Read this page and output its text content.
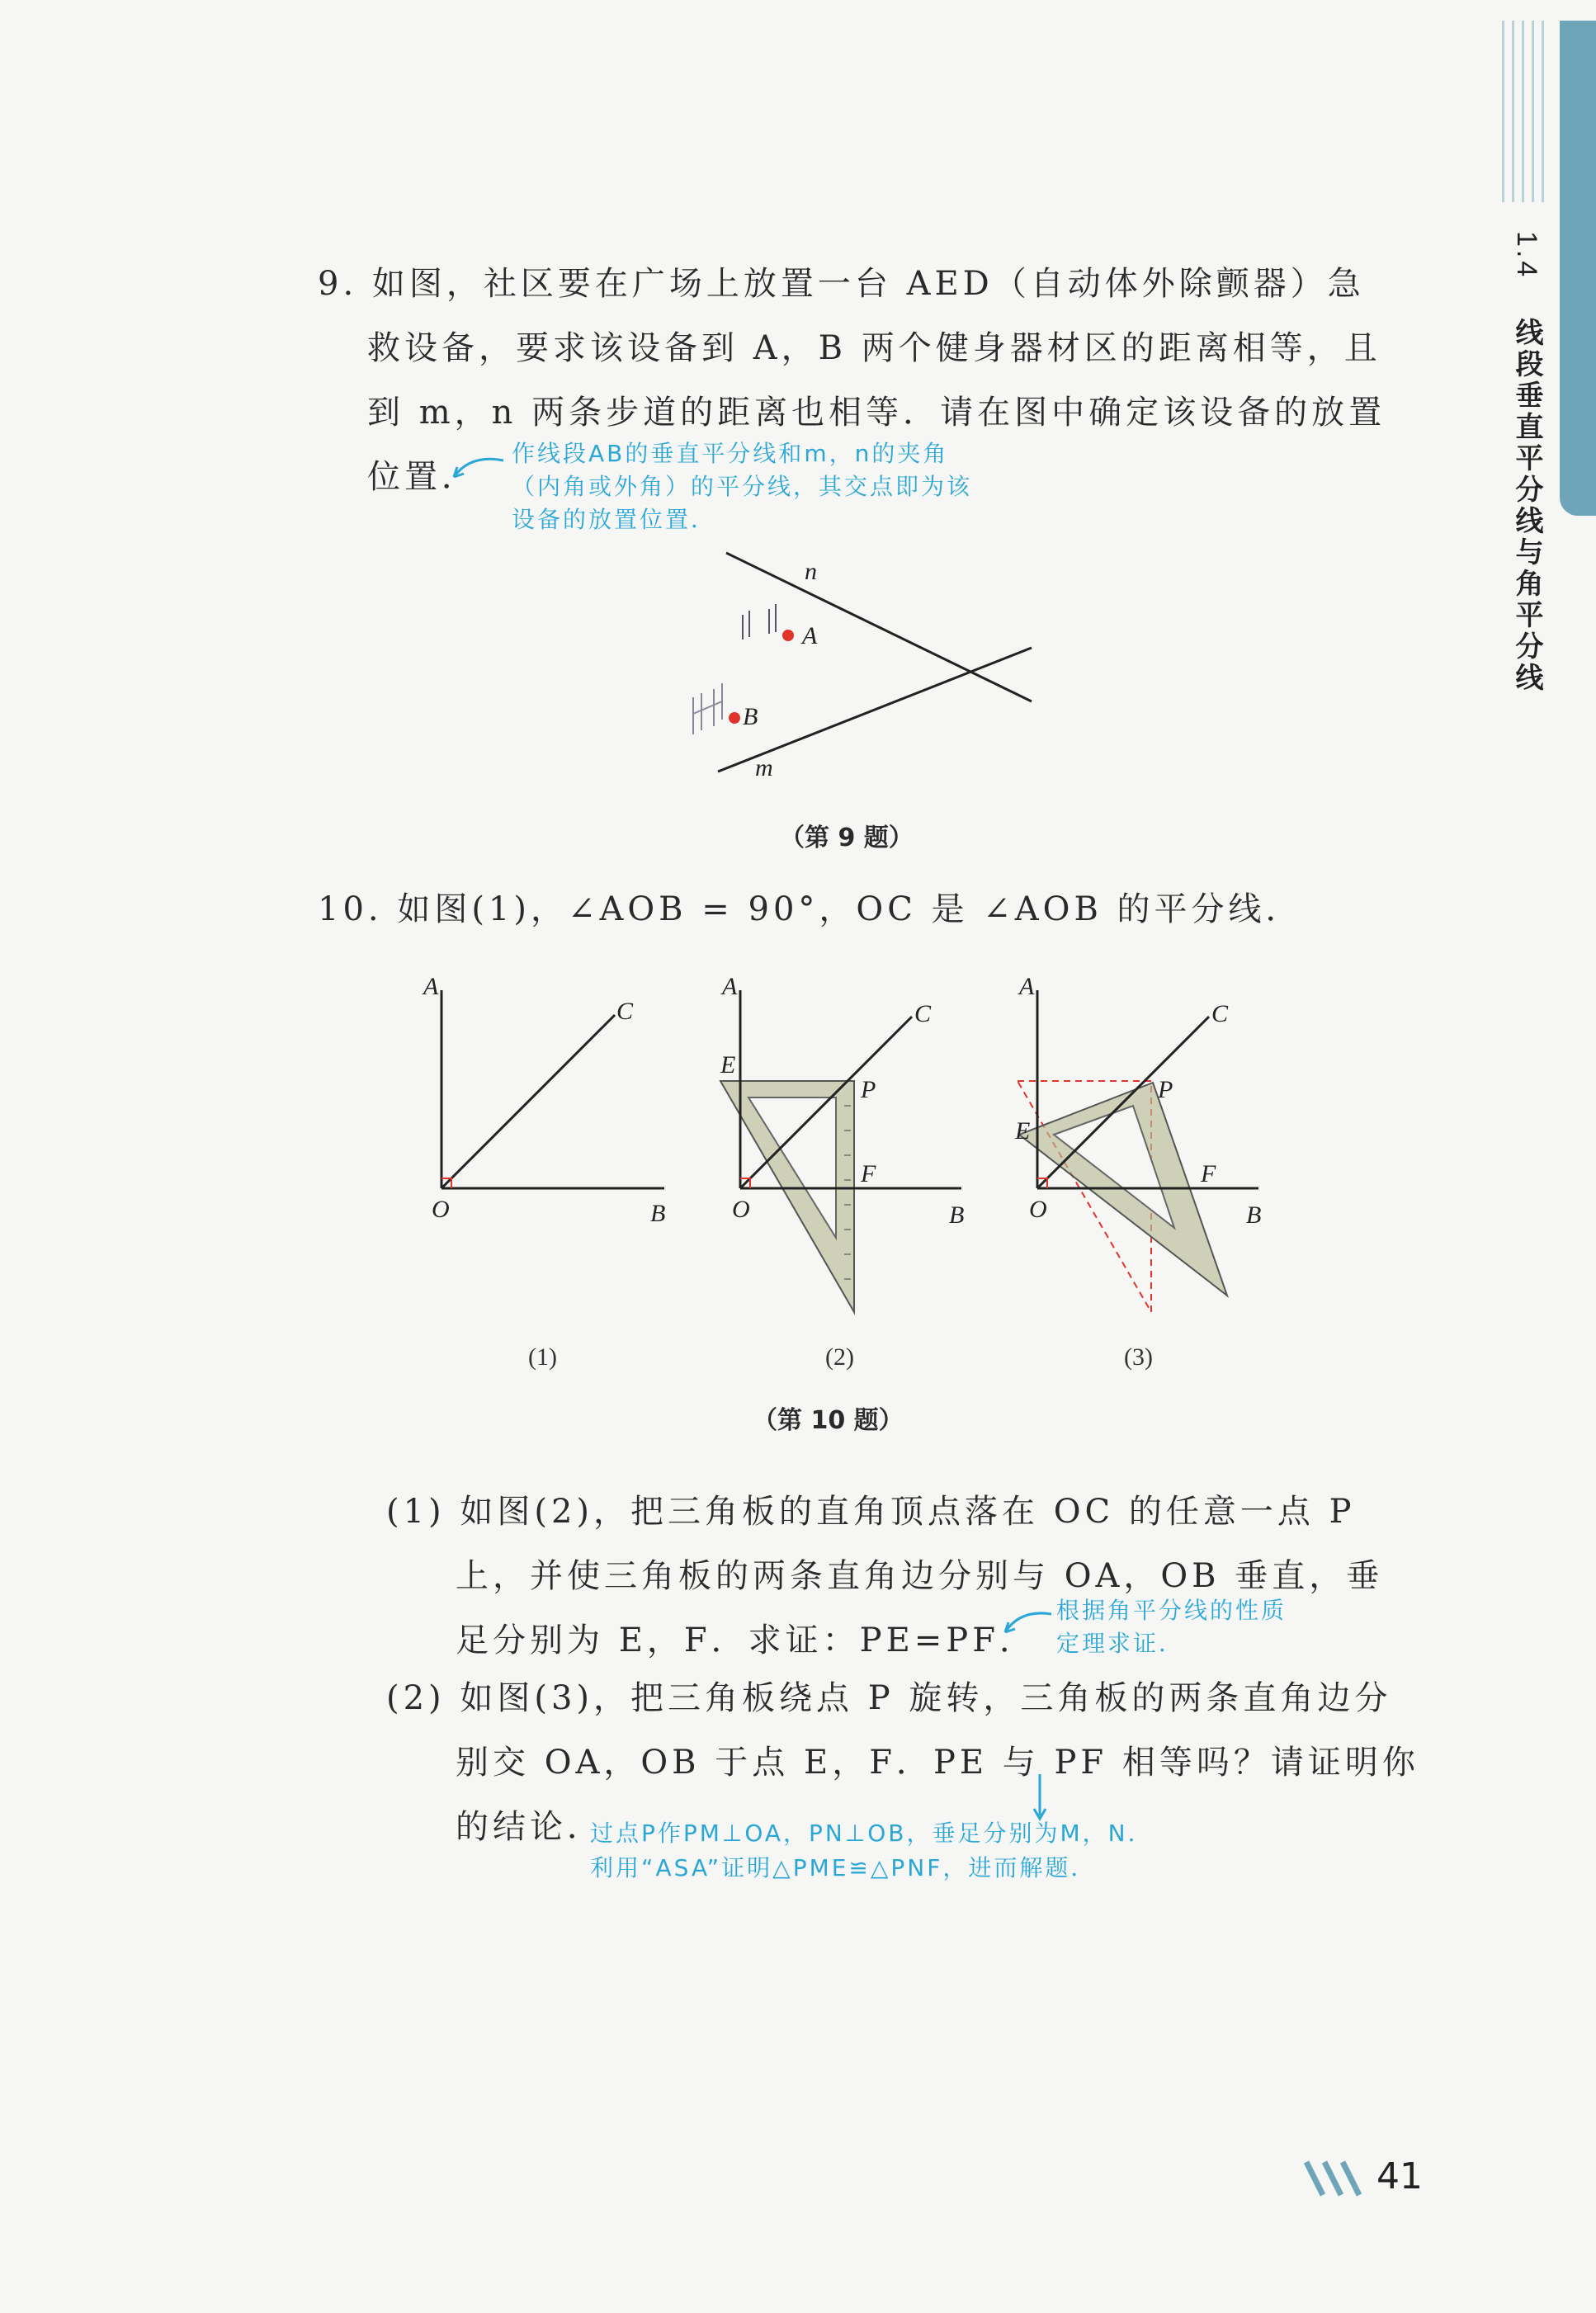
1.4 线段垂直平分线与角平分线
9. 如图，社区要在广场上放置一台 AED（自动体外除颤器）急
救设备，要求该设备到 A，B 两个健身器材区的距离相等，且
到 m，n 两条步道的距离也相等．请在图中确定该设备的放置
位置．
作线段AB的垂直平分线和m，n的夹角
（内角或外角）的平分线，其交点即为该
设备的放置位置．
A
B
n
m
（第 9 题）
10. 如图(1)，∠AOB = 90°，OC 是 ∠AOB 的平分线．
A
C
O	B
A
C
E
P
F
O	B
A
C
E
P
F
O	B
(1)	(2)	(3)
（第 10 题）
(1) 如图(2)，把三角板的直角顶点落在 OC 的任意一点 P
上，并使三角板的两条直角边分别与 OA，OB 垂直，垂
足分别为 E，F．求证：PE=PF．
根据角平分线的性质
定理求证．
(2) 如图(3)，把三角板绕点 P 旋转，三角板的两条直角边分
别交 OA，OB 于点 E，F．PE 与 PF 相等吗？请证明你
的结论．
过点P作PM⊥OA，PN⊥OB，垂足分别为M，N．
利用“ASA”证明△PME≌△PNF，进而解题．
41
